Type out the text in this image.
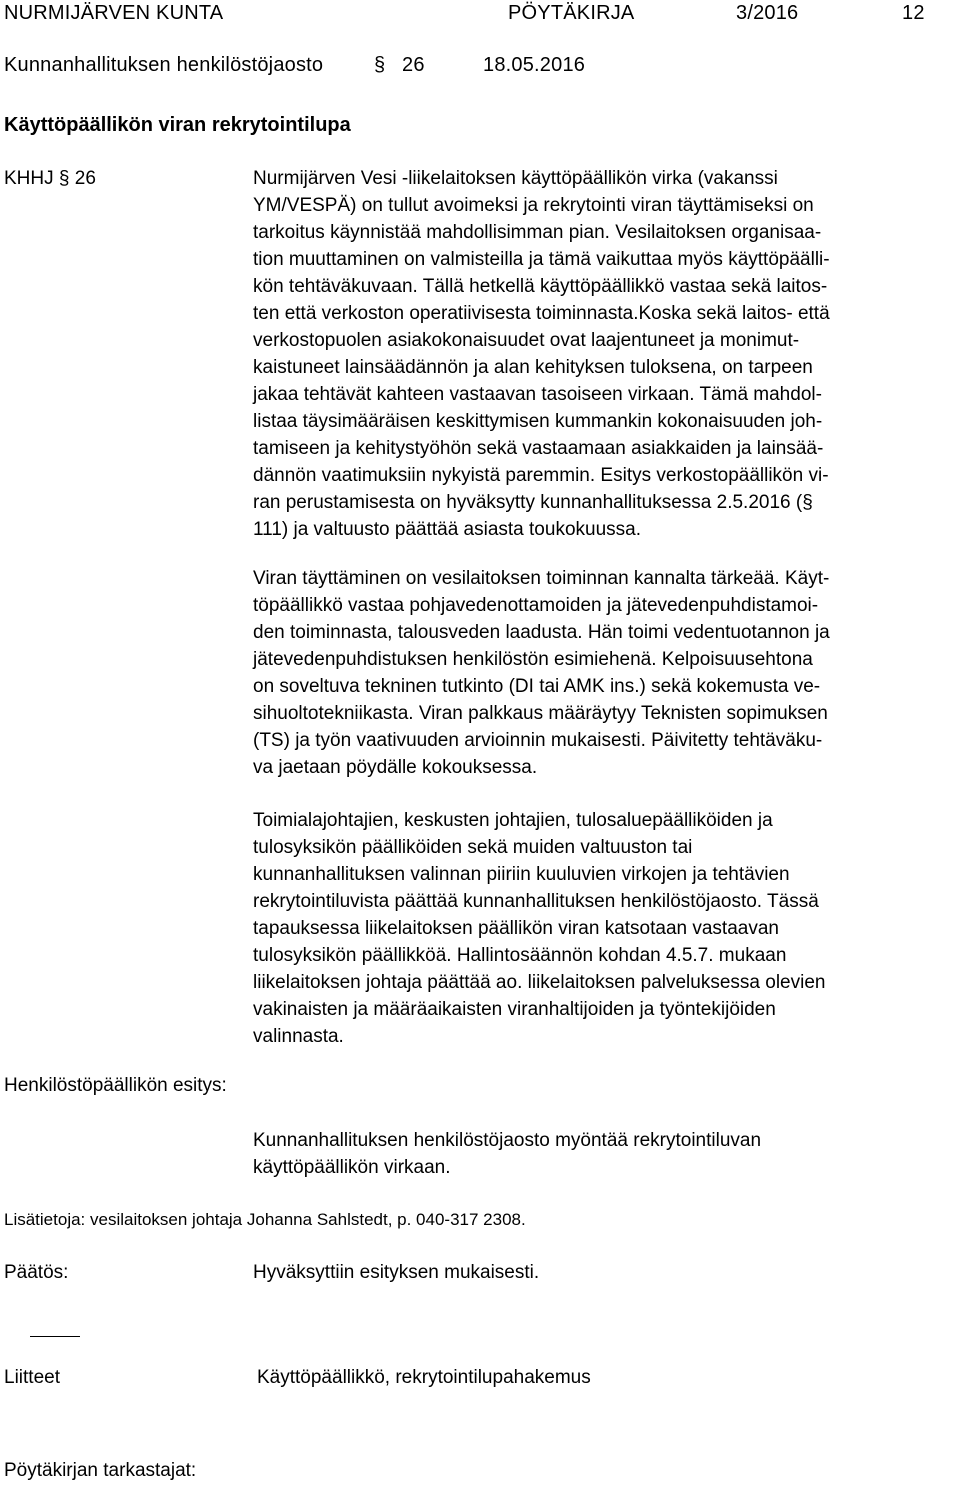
NURMIJÄRVEN KUNTA	PÖYTÄKIRJA	3/2016	12
Kunnanhallituksen henkilöstöjaosto	§ 26	18.05.2016
Käyttöpäällikön viran rekrytointilupa
KHHJ § 26	Nurmijärven Vesi -liikelaitoksen käyttöpäällikön virka (vakanssi
YM/VESPÄ) on tullut avoimeksi ja rekrytointi viran täyttämiseksi on
tarkoitus käynnistää mahdollisimman pian. Vesilaitoksen organisaa-
tion muuttaminen on valmisteilla ja tämä vaikuttaa myös käyttöpäälli-
kön tehtäväkuvaan. Tällä hetkellä käyttöpäällikkö vastaa sekä laitos-
ten että verkoston operatiivisesta toiminnasta.Koska sekä laitos- että
verkostopuolen asiakokonaisuudet ovat laajentuneet ja monimut-
kaistuneet lainsäädännön ja alan kehityksen tuloksena, on tarpeen
jakaa tehtävät kahteen vastaavan tasoiseen virkaan. Tämä mahdol-
listaa täysimääräisen keskittymisen kummankin kokonaisuuden joh-
tamiseen ja kehitystyöhön sekä vastaamaan asiakkaiden ja lainsää-
dännön vaatimuksiin nykyistä paremmin. Esitys verkostopäällikön vi-
ran perustamisesta on hyväksytty kunnanhallituksessa 2.5.2016 (§
111) ja valtuusto päättää asiasta toukokuussa.
Viran täyttäminen on vesilaitoksen toiminnan kannalta tärkeää. Käyt-
töpäällikkö vastaa pohjavedenottamoiden ja jätevedenpuhdistamoi-
den toiminnasta, talousveden laadusta. Hän toimi vedentuotannon ja
jätevedenpuhdistuksen henkilöstön esimiehenä. Kelpoisuusehtona
on soveltuva tekninen tutkinto (DI tai AMK ins.) sekä kokemusta ve-
sihuoltotekniikasta. Viran palkkaus määräytyy Teknisten sopimuksen
(TS) ja työn vaativuuden arvioinnin mukaisesti. Päivitetty tehtäväku-
va jaetaan pöydälle kokouksessa.
Toimialajohtajien, keskusten johtajien, tulosaluepäälliköiden ja
tulosyksikön päälliköiden sekä muiden valtuuston tai
kunnanhallituksen valinnan piiriin kuuluvien virkojen ja tehtävien
rekrytointiluvista päättää kunnanhallituksen henkilöstöjaosto. Tässä
tapauksessa liikelaitoksen päällikön viran katsotaan vastaavan
tulosyksikön päällikköä. Hallintosäännön kohdan 4.5.7. mukaan
liikelaitoksen johtaja päättää ao. liikelaitoksen palveluksessa olevien
vakinaisten ja määräaikaisten viranhaltijoiden ja työntekijöiden
valinnasta.
Henkilöstöpäällikön esitys:
Kunnanhallituksen henkilöstöjaosto myöntää rekrytointiluvan
käyttöpäällikön virkaan.
Lisätietoja: vesilaitoksen johtaja Johanna Sahlstedt, p. 040-317 2308.
Päätös:	Hyväksyttiin esityksen mukaisesti.
Liitteet	Käyttöpäällikkö, rekrytointilupahakemus
Pöytäkirjan tarkastajat:
